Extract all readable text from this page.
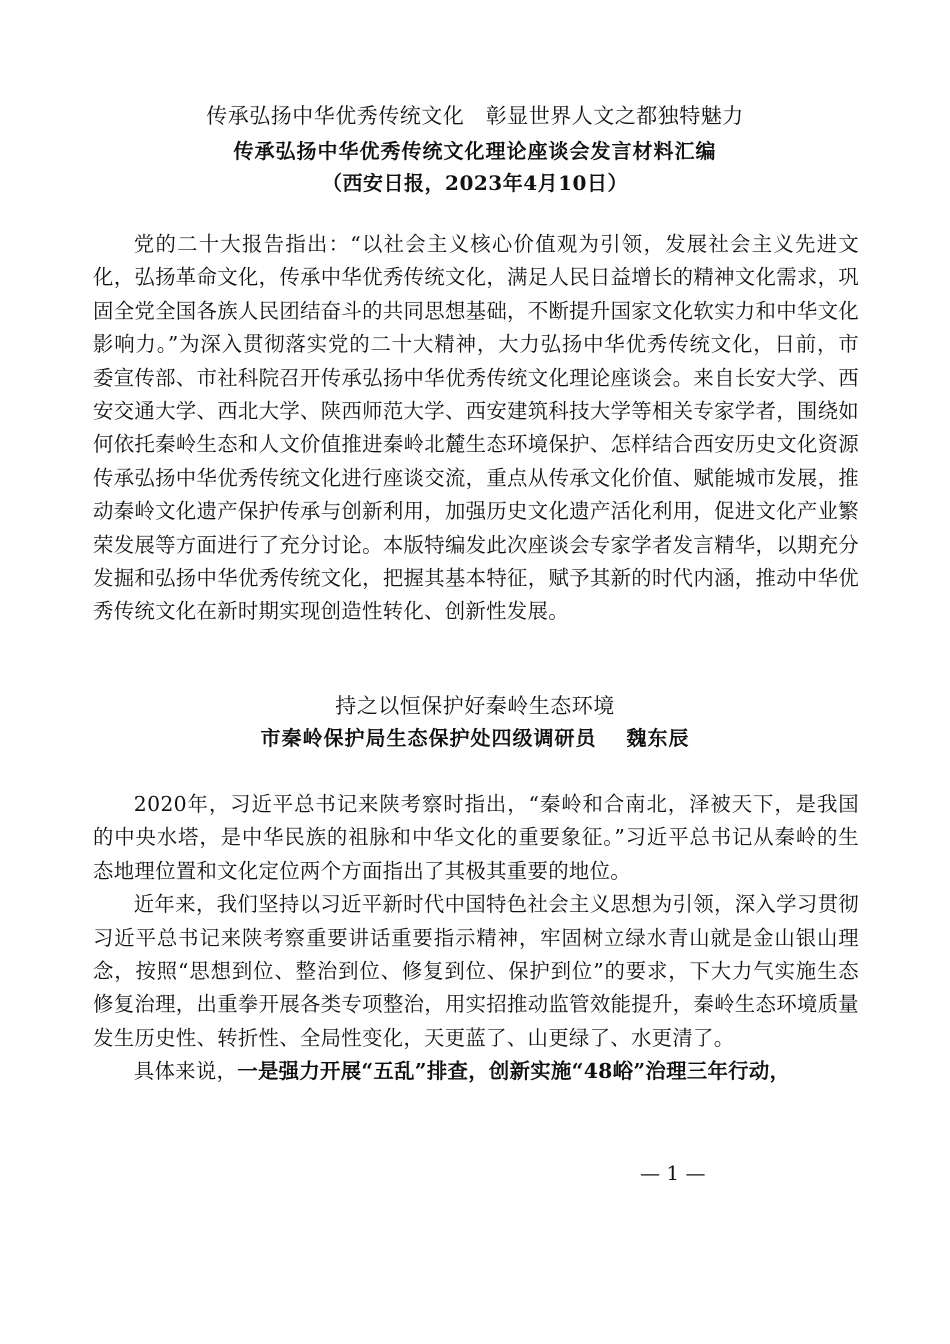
传承弘扬中华优秀传统文化　彰显世界人文之都独特魅力
传承弘扬中华优秀传统文化理论座谈会发言材料汇编
（西安日报，2023年4月10日）

党的二十大报告指出：“以社会主义核心价值观为引领，发展社会主义先进文化，弘扬革命文化，传承中华优秀传统文化，满足人民日益增长的精神文化需求，巩固全党全国各族人民团结奋斗的共同思想基础，不断提升国家文化软实力和中华文化影响力。”为深入贯彻落实党的二十大精神，大力弘扬中华优秀传统文化，日前，市委宣传部、市社科院召开传承弘扬中华优秀传统文化理论座谈会。来自长安大学、西安交通大学、西北大学、陕西师范大学、西安建筑科技大学等相关专家学者，围绕如何依托秦岭生态和人文价值推进秦岭北麓生态环境保护、怎样结合西安历史文化资源传承弘扬中华优秀传统文化进行座谈交流，重点从传承文化价值、赋能城市发展，推动秦岭文化遗产保护传承与创新利用，加强历史文化遗产活化利用，促进文化产业繁荣发展等方面进行了充分讨论。本版特编发此次座谈会专家学者发言精华，以期充分发掘和弘扬中华优秀传统文化，把握其基本特征，赋予其新的时代内涵，推动中华优秀传统文化在新时期实现创造性转化、创新性发展。

持之以恒保护好秦岭生态环境
市秦岭保护局生态保护处四级调研员 魏东辰

2020年，习近平总书记来陕考察时指出，“秦岭和合南北，泽被天下，是我国的中央水塔，是中华民族的祖脉和中华文化的重要象征。”习近平总书记从秦岭的生态地理位置和文化定位两个方面指出了其极其重要的地位。

近年来，我们坚持以习近平新时代中国特色社会主义思想为引领，深入学习贯彻习近平总书记来陕考察重要讲话重要指示精神，牢固树立绿水青山就是金山银山理念，按照“思想到位、整治到位、修复到位、保护到位”的要求，下大力气实施生态修复治理，出重拳开展各类专项整治，用实招推动监管效能提升，秦岭生态环境质量发生历史性、转折性、全局性变化，天更蓝了、山更绿了、水更清了。

具体来说，一是强力开展“五乱”排查，创新实施“48峪”治理三年行动，

— 1 —
